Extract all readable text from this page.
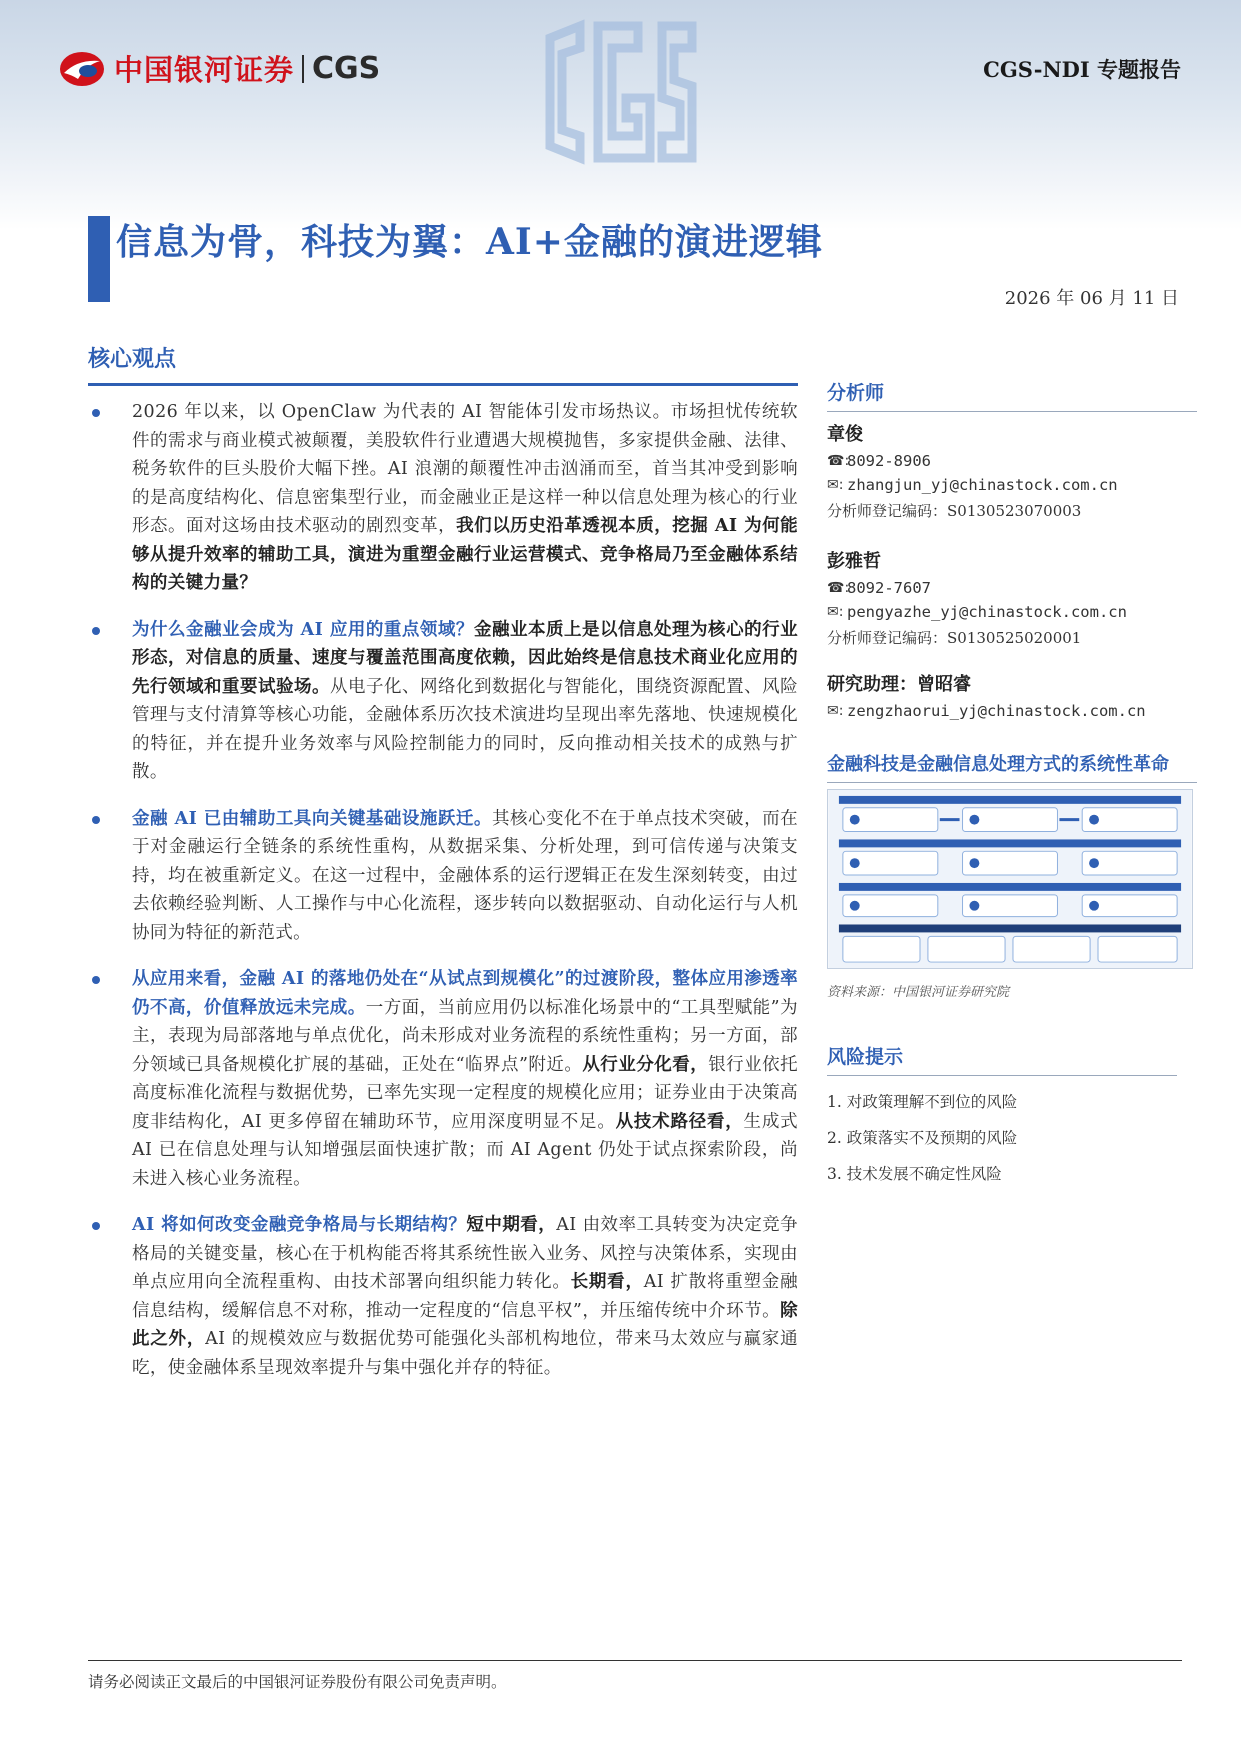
中国银河证券 CGS	CGS-NDI 专题报告
信息为骨，科技为翼：AI+金融的演进逻辑
2026 年 06 月 11 日
核心观点
2026 年以来，以 OpenClaw 为代表的 AI 智能体引发市场热议。市场担忧传统软件的需求与商业模式被颠覆，美股软件行业遭遇大规模抛售，多家提供金融、法律、税务软件的巨头股价大幅下挫。AI 浪潮的颠覆性冲击汹涌而至，首当其冲受到影响的是高度结构化、信息密集型行业，而金融业正是这样一种以信息处理为核心的行业形态。面对这场由技术驱动的剧烈变革，我们以历史沿革透视本质，挖掘 AI 为何能够从提升效率的辅助工具，演进为重塑金融行业运营模式、竞争格局乃至金融体系结构的关键力量？
为什么金融业会成为 AI 应用的重点领域？金融业本质上是以信息处理为核心的行业形态，对信息的质量、速度与覆盖范围高度依赖，因此始终是信息技术商业化应用的先行领域和重要试验场。从电子化、网络化到数据化与智能化，围绕资源配置、风险管理与支付清算等核心功能，金融体系历次技术演进均呈现出率先落地、快速规模化的特征，并在提升业务效率与风险控制能力的同时，反向推动相关技术的成熟与扩散。
金融 AI 已由辅助工具向关键基础设施跃迁。其核心变化不在于单点技术突破，而在于对金融运行全链条的系统性重构，从数据采集、分析处理，到可信传递与决策支持，均在被重新定义。在这一过程中，金融体系的运行逻辑正在发生深刻转变，由过去依赖经验判断、人工操作与中心化流程，逐步转向以数据驱动、自动化运行与人机协同为特征的新范式。
从应用来看，金融 AI 的落地仍处在“从试点到规模化”的过渡阶段，整体应用渗透率仍不高，价值释放远未完成。一方面，当前应用仍以标准化场景中的“工具型赋能”为主，表现为局部落地与单点优化，尚未形成对业务流程的系统性重构；另一方面，部分领域已具备规模化扩展的基础，正处在“临界点”附近。从行业分化看，银行业依托高度标准化流程与数据优势，已率先实现一定程度的规模化应用；证券业由于决策高度非结构化，AI 更多停留在辅助环节，应用深度明显不足。从技术路径看，生成式 AI 已在信息处理与认知增强层面快速扩散；而 AI Agent 仍处于试点探索阶段，尚未进入核心业务流程。
AI 将如何改变金融竞争格局与长期结构？短中期看，AI 由效率工具转变为决定竞争格局的关键变量，核心在于机构能否将其系统性嵌入业务、风控与决策体系，实现由单点应用向全流程重构、由技术部署向组织能力转化。长期看，AI 扩散将重塑金融信息结构，缓解信息不对称，推动一定程度的“信息平权”，并压缩传统中介环节。除此之外，AI 的规模效应与数据优势可能强化头部机构地位，带来马太效应与赢家通吃，使金融体系呈现效率提升与集中强化并存的特征。
分析师
章俊
☎:
8092-8906
✉: zhangjun_yj@chinastock.com.cn
分析师登记编码：S0130523070003
彭雅哲
☎:
8092-7607
✉: pengyazhe_yj@chinastock.com.cn
分析师登记编码：S0130525020001
研究助理：曾昭睿
✉: zengzhaorui_yj@chinastock.com.cn
金融科技是金融信息处理方式的系统性革命
资料来源：中国银河证券研究院
风险提示
1. 对政策理解不到位的风险
2. 政策落实不及预期的风险
3. 技术发展不确定性风险
请务必阅读正文最后的中国银河证券股份有限公司免责声明。
